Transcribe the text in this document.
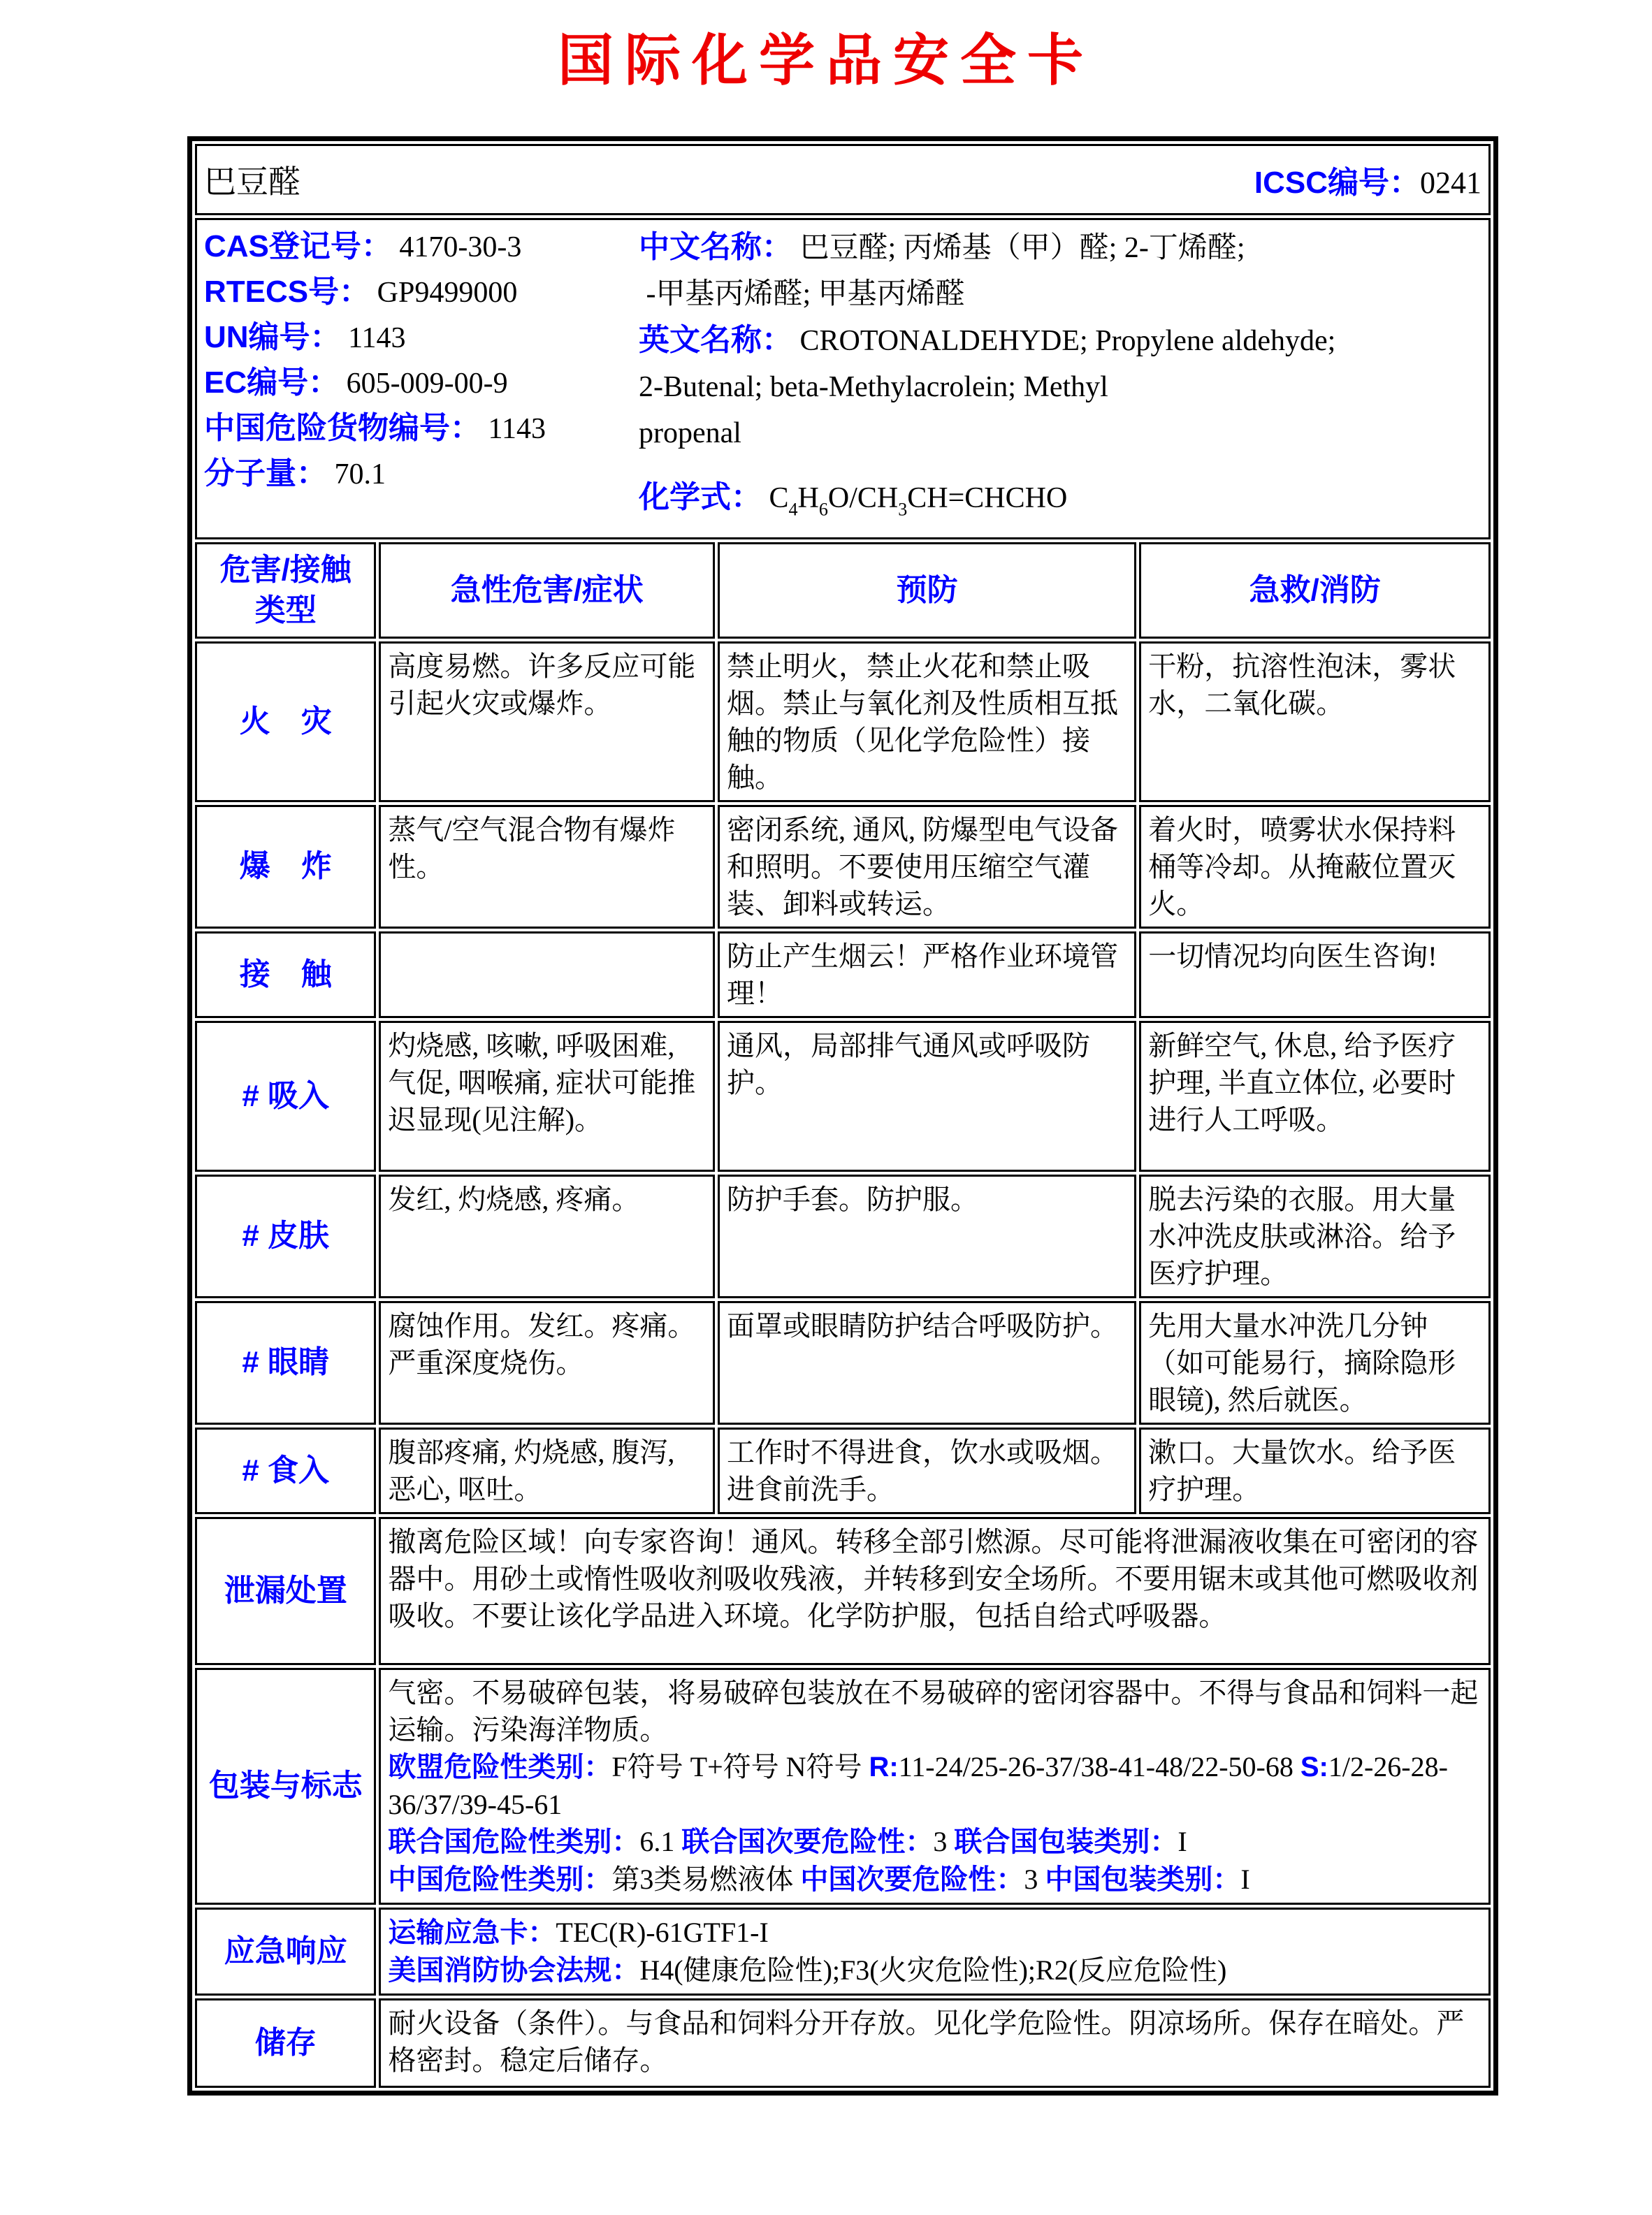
国际化学品安全卡
巴豆醛 ICSC编号：0241			

CAS登记号： 4170-30-3
RTECS号： GP9499000
UN编号： 1143
EC编号： 605-009-00-9
中国危险货物编号： 1143
分子量： 70.1
中文名称： 巴豆醛; 丙烯基（甲）醛; 2-丁烯醛;
-甲基丙烯醛; 甲基丙烯醛
英文名称： CROTONALDEHYDE; Propylene aldehyde;
2-Butenal; beta-Methylacrolein; Methyl
propenal
化学式： $C_4H_6O/CH_3CH=CHCHO$

危害/接触
类型	急性危害/症状	预防	急救/消防

火　灾	高度易燃。许多反应可能引起火灾或爆炸。	禁止明火，禁止火花和禁止吸烟。禁止与氧化剂及性质相互抵触的物质（见化学危险性）接触。	干粉，抗溶性泡沫，雾状水，二氧化碳。

爆　炸	蒸气/空气混合物有爆炸性。	密闭系统, 通风, 防爆型电气设备和照明。不要使用压缩空气灌装、卸料或转运。	着火时，喷雾状水保持料桶等冷却。从掩蔽位置灭火。

接　触		防止产生烟云！严格作业环境管理！	一切情况均向医生咨询!

# 吸入	灼烧感, 咳嗽, 呼吸困难, 气促, 咽喉痛, 症状可能推迟显现(见注解)。	通风，局部排气通风或呼吸防护。	新鲜空气, 休息, 给予医疗护理, 半直立体位, 必要时进行人工呼吸。

# 皮肤	发红, 灼烧感, 疼痛。	防护手套。防护服。	脱去污染的衣服。用大量水冲洗皮肤或淋浴。给予医疗护理。

# 眼睛	腐蚀作用。发红。疼痛。严重深度烧伤。	面罩或眼睛防护结合呼吸防护。	先用大量水冲洗几分钟（如可能易行，摘除隐形眼镜), 然后就医。

# 食入	腹部疼痛, 灼烧感, 腹泻, 恶心, 呕吐。	工作时不得进食，饮水或吸烟。进食前洗手。	漱口。大量饮水。给予医疗护理。

泄漏处置	撤离危险区域！向专家咨询！通风。转移全部引燃源。尽可能将泄漏液收集在可密闭的容器中。用砂土或惰性吸收剂吸收残液，并转移到安全场所。不要用锯末或其他可燃吸收剂吸收。不要让该化学品进入环境。化学防护服，包括自给式呼吸器。		

包装与标志	气密。不易破碎包装，将易破碎包装放在不易破碎的密闭容器中。不得与食品和饲料一起运输。污染海洋物质。
欧盟危险性类别：F符号 T+符号 N符号 R:11-24/25-26-37/38-41-48/22-50-68 S:1/2-26-28-36/37/39-45-61
联合国危险性类别：6.1 联合国次要危险性：3 联合国包装类别：I
中国危险性类别：第3类易燃液体 中国次要危险性：3 中国包装类别：I		

应急响应	运输应急卡：TEC(R)-61GTF1-I
美国消防协会法规：H4(健康危险性);F3(火灾危险性);R2(反应危险性)		

储存	耐火设备（条件）。与食品和饲料分开存放。见化学危险性。阴凉场所。保存在暗处。严格密封。稳定后储存。		
